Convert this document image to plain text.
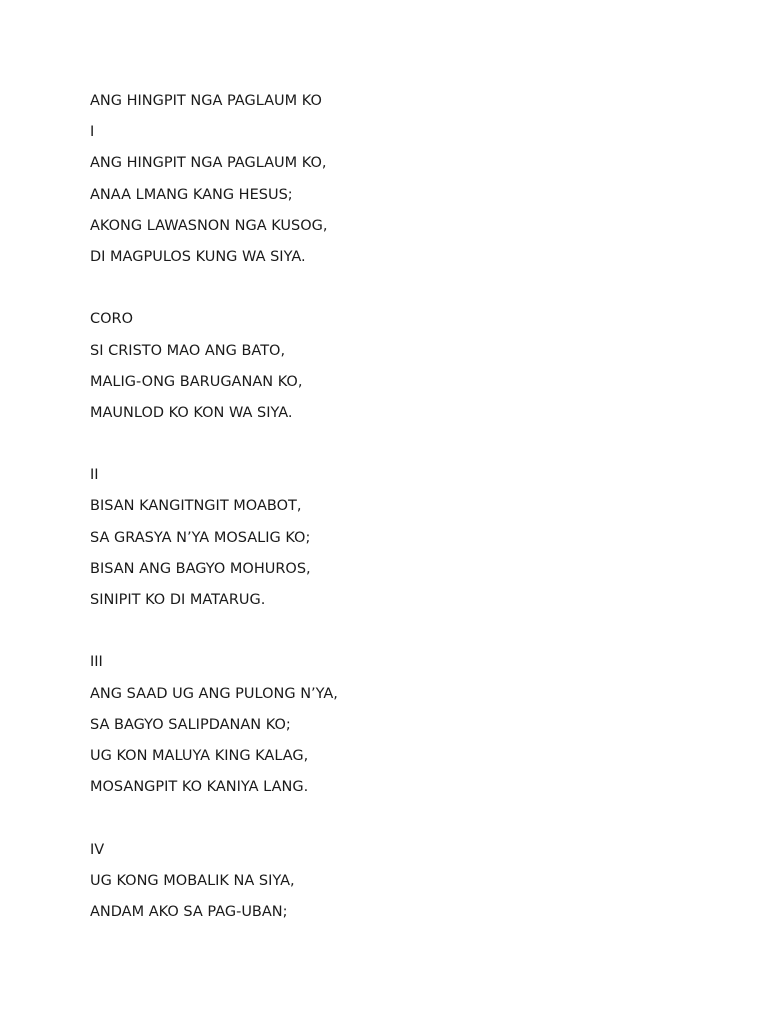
ANG HINGPIT NGA PAGLAUM KO
I
ANG HINGPIT NGA PAGLAUM KO,
ANAA LMANG KANG HESUS;
AKONG LAWASNON NGA KUSOG,
DI MAGPULOS KUNG WA SIYA.
CORO
SI CRISTO MAO ANG BATO,
MALIG-ONG BARUGANAN KO,
MAUNLOD KO KON WA SIYA.
II
BISAN KANGITNGIT MOABOT,
SA GRASYA N’YA MOSALIG KO;
BISAN ANG BAGYO MOHUROS,
SINIPIT KO DI MATARUG.
III
ANG SAAD UG ANG PULONG N’YA,
SA BAGYO SALIPDANAN KO;
UG KON MALUYA KING KALAG,
MOSANGPIT KO KANIYA LANG.
IV
UG KONG MOBALIK NA SIYA,
ANDAM AKO SA PAG-UBAN;
